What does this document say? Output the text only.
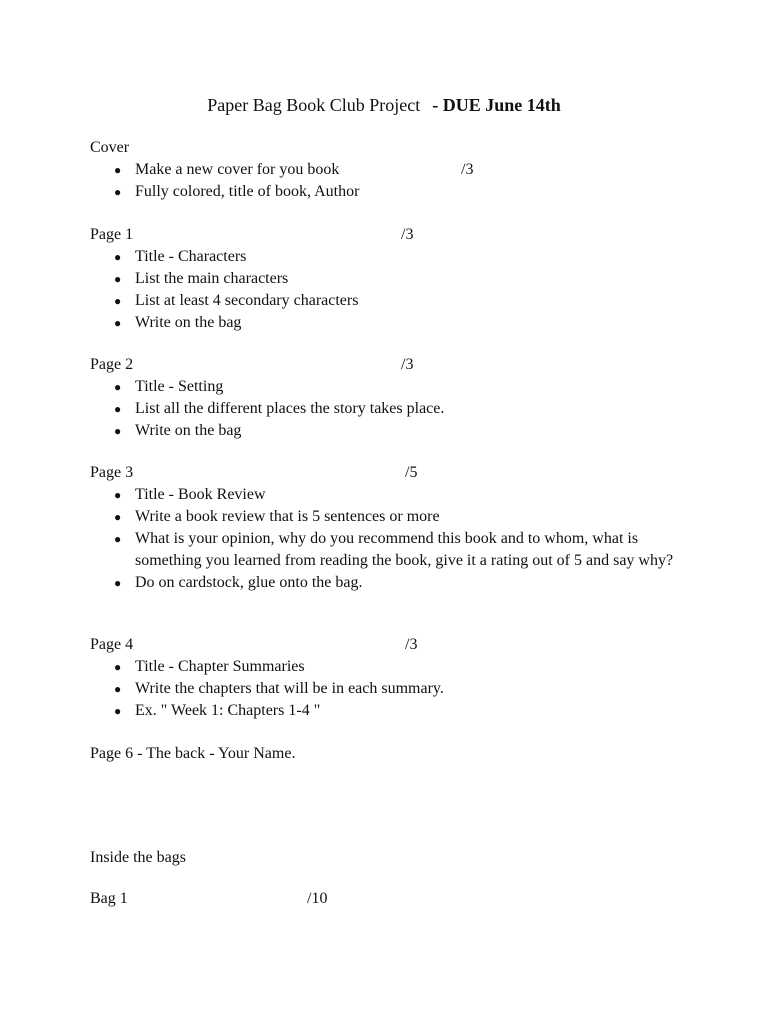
Paper Bag Book Club Project - DUE June 14th
Cover
● Make a new cover for you book	/3
● Fully colored, title of book, Author
Page 1	/3
● Title - Characters
● List the main characters
● List at least 4 secondary characters
● Write on the bag
Page 2	/3
● Title - Setting
● List all the different places the story takes place.
● Write on the bag
Page 3	/5
● Title - Book Review
● Write a book review that is 5 sentences or more
● What is your opinion, why do you recommend this book and to whom, what is something you learned from reading the book, give it a rating out of 5 and say why?
● Do on cardstock, glue onto the bag.
Page 4	/3
● Title - Chapter Summaries
● Write the chapters that will be in each summary.
● Ex. " Week 1: Chapters 1-4 "
Page 6 - The back - Your Name.
Inside the bags
Bag 1	/10
